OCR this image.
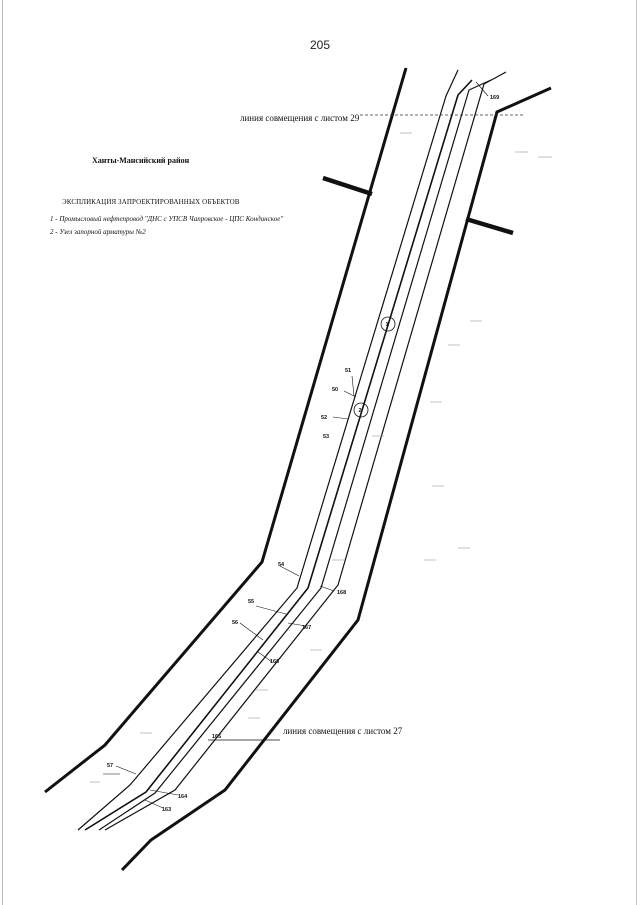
205
линия совмещения с листом 29
Ханты-Мансийский район
ЭКСПЛИКАЦИЯ ЗАПРОЕКТИРОВАННЫХ ОБЪЕКТОВ
1 - Промысловый нефтепровод "ДНС с УПСВ Чапровское - ЦПС Кондинское"
2 - Узел запорной арматуры №2
линия совмещения с листом 27
1
2
169
51
50
52
53
54
55
56
168
167
166
165
57
164
163
